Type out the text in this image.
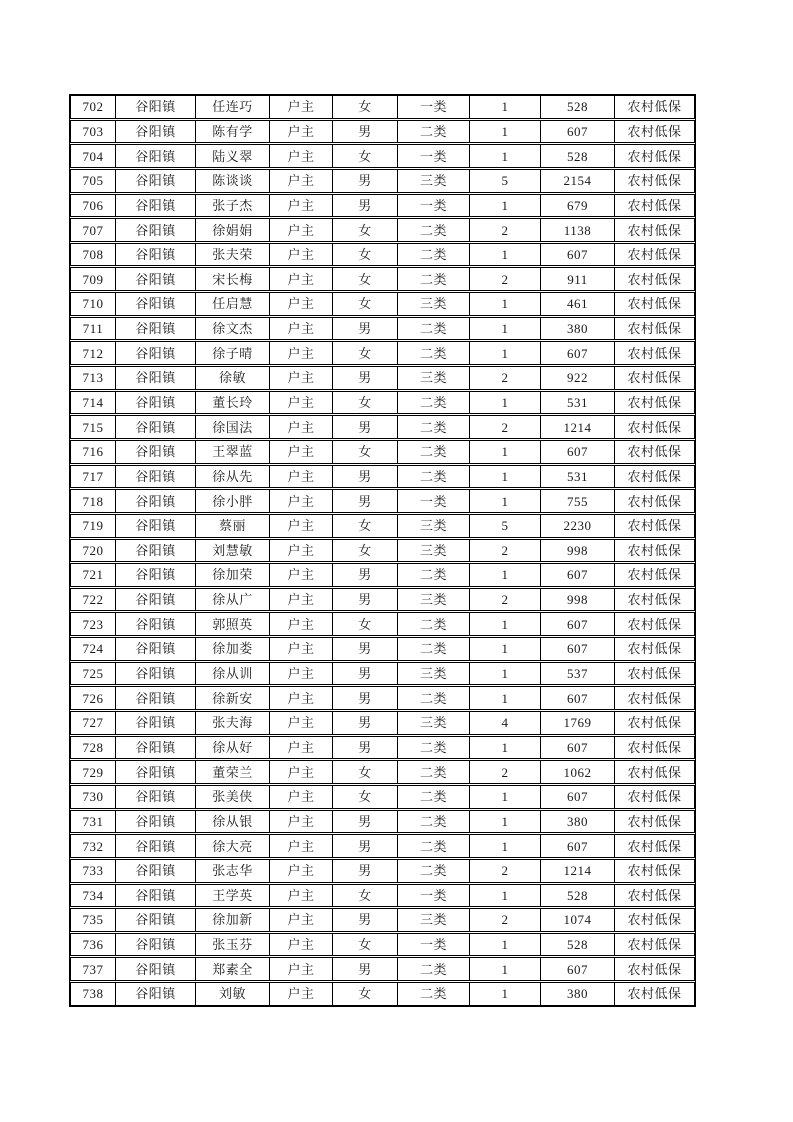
702	谷阳镇	任连巧	户主	女	一类	1	528	农村低保
703	谷阳镇	陈有学	户主	男	二类	1	607	农村低保
704	谷阳镇	陆义翠	户主	女	一类	1	528	农村低保
705	谷阳镇	陈谈谈	户主	男	三类	5	2154	农村低保
706	谷阳镇	张子杰	户主	男	一类	1	679	农村低保
707	谷阳镇	徐娟娟	户主	女	二类	2	1138	农村低保
708	谷阳镇	张夫荣	户主	女	二类	1	607	农村低保
709	谷阳镇	宋长梅	户主	女	二类	2	911	农村低保
710	谷阳镇	任启慧	户主	女	三类	1	461	农村低保
711	谷阳镇	徐文杰	户主	男	二类	1	380	农村低保
712	谷阳镇	徐子晴	户主	女	二类	1	607	农村低保
713	谷阳镇	徐敏	户主	男	三类	2	922	农村低保
714	谷阳镇	董长玲	户主	女	二类	1	531	农村低保
715	谷阳镇	徐国法	户主	男	二类	2	1214	农村低保
716	谷阳镇	王翠蓝	户主	女	二类	1	607	农村低保
717	谷阳镇	徐从先	户主	男	二类	1	531	农村低保
718	谷阳镇	徐小胖	户主	男	一类	1	755	农村低保
719	谷阳镇	蔡丽	户主	女	三类	5	2230	农村低保
720	谷阳镇	刘慧敏	户主	女	三类	2	998	农村低保
721	谷阳镇	徐加荣	户主	男	二类	1	607	农村低保
722	谷阳镇	徐从广	户主	男	三类	2	998	农村低保
723	谷阳镇	郭照英	户主	女	二类	1	607	农村低保
724	谷阳镇	徐加娄	户主	男	二类	1	607	农村低保
725	谷阳镇	徐从训	户主	男	三类	1	537	农村低保
726	谷阳镇	徐新安	户主	男	二类	1	607	农村低保
727	谷阳镇	张夫海	户主	男	三类	4	1769	农村低保
728	谷阳镇	徐从好	户主	男	二类	1	607	农村低保
729	谷阳镇	董荣兰	户主	女	二类	2	1062	农村低保
730	谷阳镇	张美侠	户主	女	二类	1	607	农村低保
731	谷阳镇	徐从银	户主	男	二类	1	380	农村低保
732	谷阳镇	徐大亮	户主	男	二类	1	607	农村低保
733	谷阳镇	张志华	户主	男	二类	2	1214	农村低保
734	谷阳镇	王学英	户主	女	一类	1	528	农村低保
735	谷阳镇	徐加新	户主	男	三类	2	1074	农村低保
736	谷阳镇	张玉芬	户主	女	一类	1	528	农村低保
737	谷阳镇	郑素全	户主	男	二类	1	607	农村低保
738	谷阳镇	刘敏	户主	女	二类	1	380	农村低保
